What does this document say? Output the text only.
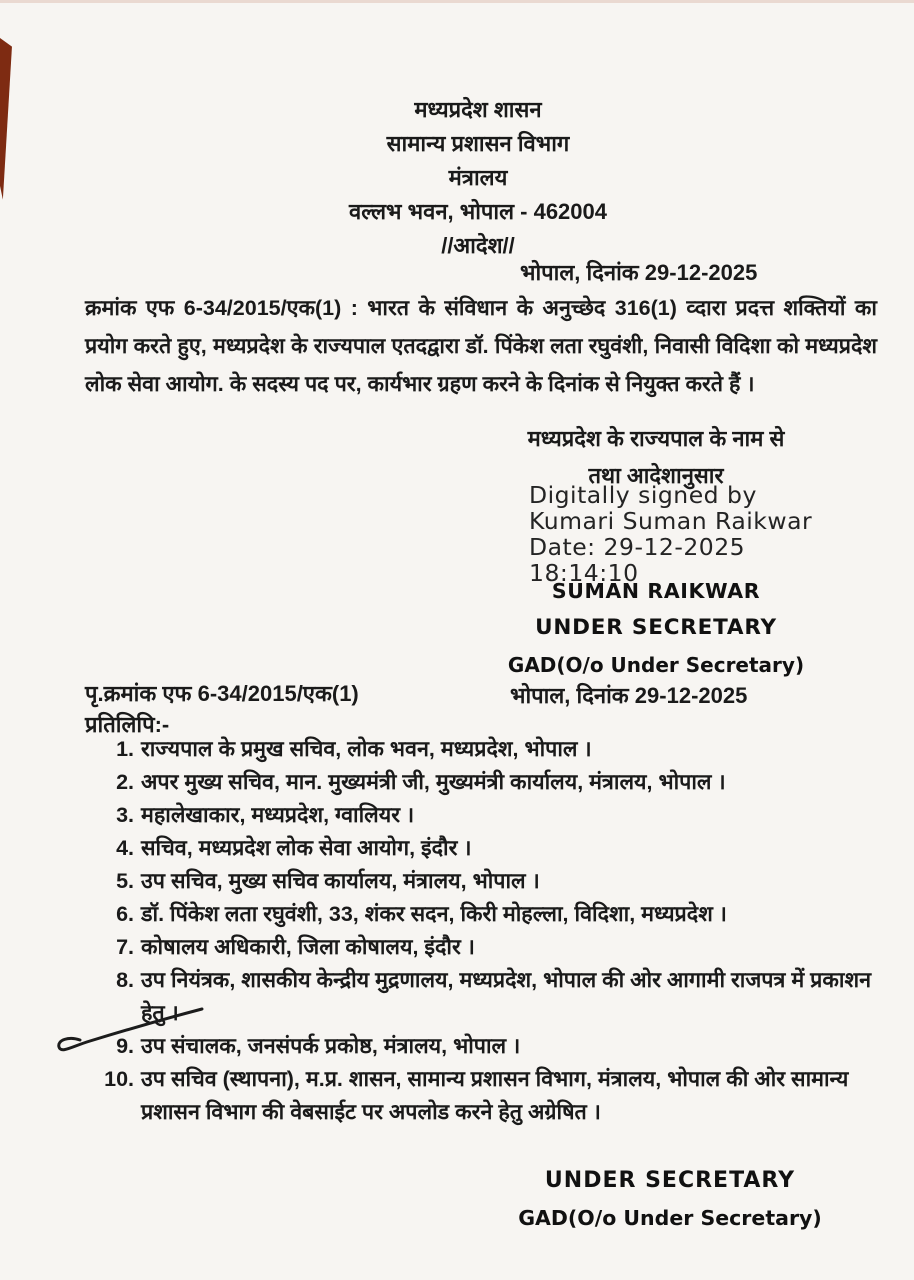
मध्यप्रदेश शासन
सामान्य प्रशासन विभाग
मंत्रालय
वल्लभ भवन, भोपाल - 462004
//आदेश//
भोपाल, दिनांक 29-12-2025
क्रमांक एफ 6-34/2015/एक(1) : भारत के संविधान के अनुच्छेद 316(1) व्दारा प्रदत्त शक्तियों का प्रयोग करते हुए, मध्यप्रदेश के राज्यपाल एतदद्वारा डॉ. पिंकेश लता रघुवंशी, निवासी विदिशा को मध्यप्रदेश लोक सेवा आयोग. के सदस्य पद पर, कार्यभार ग्रहण करने के दिनांक से नियुक्त करते हैं ।
मध्यप्रदेश के राज्यपाल के नाम से
तथा आदेशानुसार
Digitally signed by
Kumari Suman Raikwar
Date: 29-12-2025
18:14:10
SUMAN RAIKWAR
UNDER SECRETARY
GAD(O/o Under Secretary)
पृ.क्रमांक एफ 6-34/2015/एक(1)	भोपाल, दिनांक 29-12-2025
प्रतिलिपि:-
1. राज्यपाल के प्रमुख सचिव, लोक भवन, मध्यप्रदेश, भोपाल ।
2. अपर मुख्य सचिव, मान. मुख्यमंत्री जी, मुख्यमंत्री कार्यालय, मंत्रालय, भोपाल ।
3. महालेखाकार, मध्यप्रदेश, ग्वालियर ।
4. सचिव, मध्यप्रदेश लोक सेवा आयोग, इंदौर ।
5. उप सचिव, मुख्य सचिव कार्यालय, मंत्रालय, भोपाल ।
6. डॉ. पिंकेश लता रघुवंशी, 33, शंकर सदन, किरी मोहल्ला, विदिशा, मध्यप्रदेश ।
7. कोषालय अधिकारी, जिला कोषालय, इंदौर ।
8. उप नियंत्रक, शासकीय केन्द्रीय मुद्रणालय, मध्यप्रदेश, भोपाल की ओर आगामी राजपत्र में प्रकाशन हेतु ।
9. उप संचालक, जनसंपर्क प्रकोष्ठ, मंत्रालय, भोपाल ।
10. उप सचिव (स्थापना), म.प्र. शासन, सामान्य प्रशासन विभाग, मंत्रालय, भोपाल की ओर सामान्य प्रशासन विभाग की वेबसाईट पर अपलोड करने हेतु अग्रेषित ।
UNDER SECRETARY
GAD(O/o Under Secretary)
